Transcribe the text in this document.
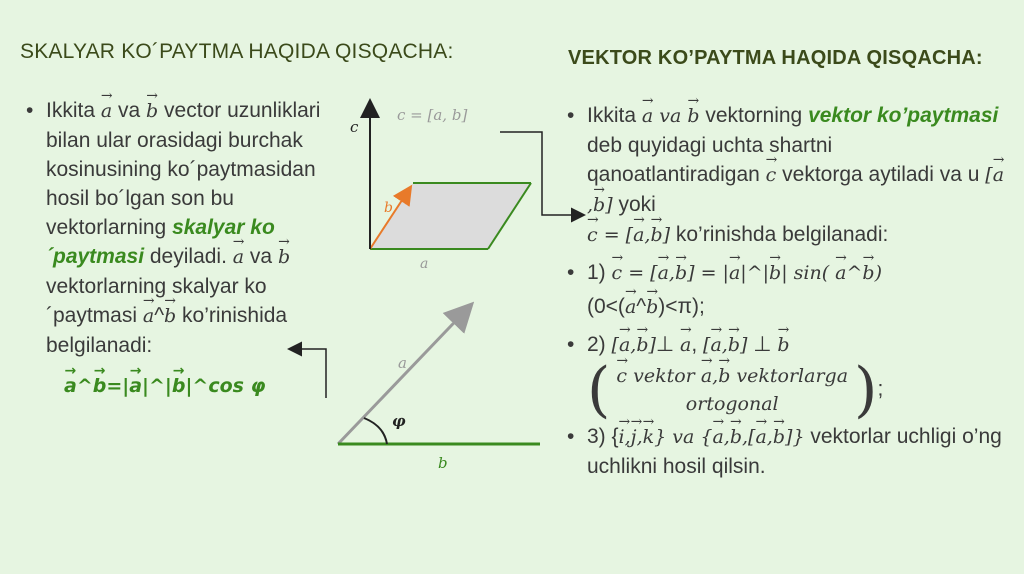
SKALYAR KO´PAYTMA HAQIDA QISQACHA:	VEKTOR KO’PAYTMA HAQIDA QISQACHA:
• Ikkita a → va b → vector uzunliklari bilan ular orasidagi burchak kosinusining ko´paytmasidan hosil bo´lgan son bu vektorlarning skalyar ko´paytmasi deyiladi. a → va b → vektorlarning skalyar ko´paytmasi a →^b → ko’rinishida belgilanadi:
a →^b →=|a →|^|b →|^cos φ
• Ikkita a → va b → vektorning vektor ko’paytmasi deb quyidagi uchta shartni qanoatlantiradigan c → vektorga aytiladi va u [a →,b →] yoki
c → = [a →,b →] ko’rinishda belgilanadi:
• 1) c → = [a →,b →] = |a →|^|b →| sin( a →^b →)
(0<(a →^b →)<π);
• 2) [a →,b →]⊥ a →, [a →,b →] ⊥ b →
( c → vektor a →,b → vektorlarga
ortogonal );
• 3) {i →,j →,k →} va {a →,b →,[a →,b →]} vektorlar uchligi o’ng uchlikni hosil qilsin.
c = [a, b]
c
b
a
a
b
φ
